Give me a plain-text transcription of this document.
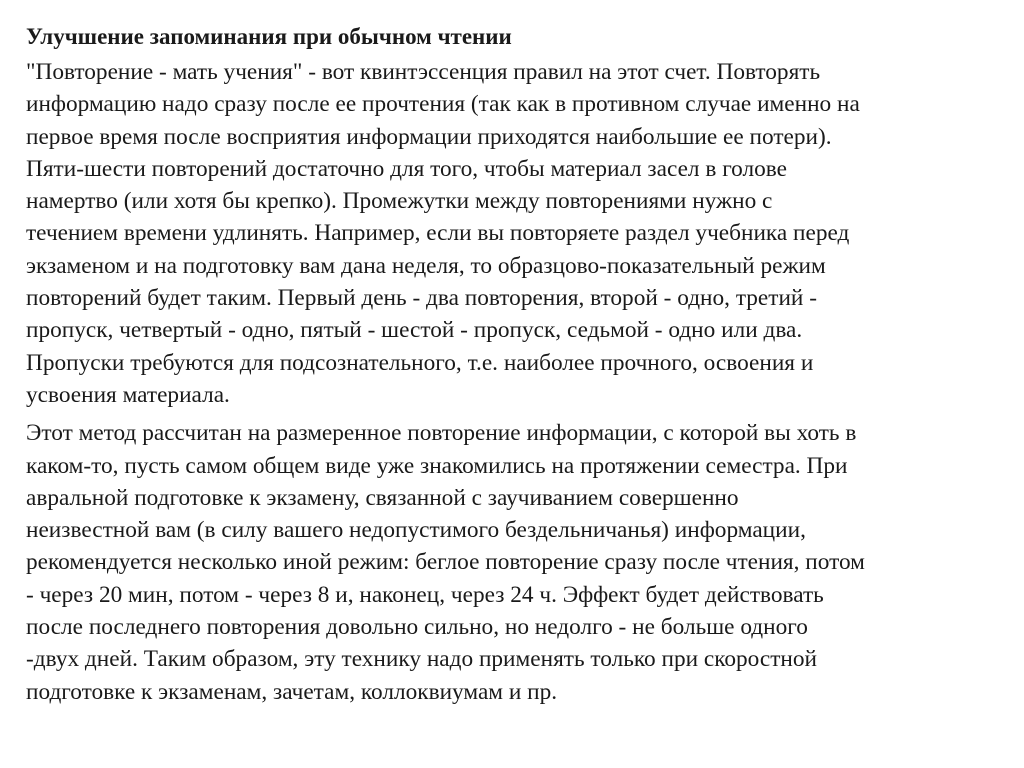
Улучшение запоминания при обычном чтении
"Повторение - мать учения" - вот квинтэссенция правил на этот счет. Повторять
информацию надо сразу после ее прочтения (так как в противном случае именно на
первое время после восприятия информации приходятся наибольшие ее потери).
Пяти-шести повторений достаточно для того, чтобы материал засел в голове
намертво (или хотя бы крепко). Промежутки между повторениями нужно с
течением времени удлинять. Например, если вы повторяете раздел учебника перед
экзаменом и на подготовку вам дана неделя, то образцово-показательный режим
повторений будет таким. Первый день - два повторения, второй - одно, третий -
пропуск, четвертый - одно, пятый - шестой - пропуск, седьмой - одно или два.
Пропуски требуются для подсознательного, т.е. наиболее прочного, освоения и
усвоения материала.
Этот метод рассчитан на размеренное повторение информации, с которой вы хоть в
каком-то, пусть самом общем виде уже знакомились на протяжении семестра. При
авральной подготовке к экзамену, связанной с заучиванием совершенно
неизвестной вам (в силу вашего недопустимого бездельничанья) информации,
рекомендуется несколько иной режим: беглое повторение сразу после чтения, потом
- через 20 мин, потом - через 8 и, наконец, через 24 ч. Эффект будет действовать
после последнего повторения довольно сильно, но недолго - не больше одного
-двух дней. Таким образом, эту технику надо применять только при скоростной
подготовке к экзаменам, зачетам, коллоквиумам и пр.
